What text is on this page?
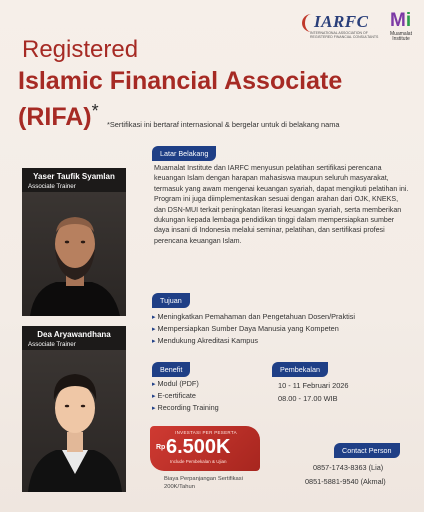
IARFC
INTERNATIONAL ASSOCIATION OF REGISTERED FINANCIAL CONSULTANTS
Mi
Muamalat Institute
Registered
Islamic Financial Associate
(RIFA)*
*Sertifikasi ini bertaraf internasional & bergelar untuk di belakang nama
Yaser Taufik Syamlan
Associate Trainer
Dea Aryawandhana
Associate Trainer
Latar Belakang
Muamalat Institute dan IARFC menyusun pelatihan sertifikasi perencana keuangan Islam dengan harapan mahasiswa maupun seluruh masyarakat, termasuk yang awam mengenai keuangan syariah, dapat mengikuti pelatihan ini. Program ini juga diimplementasikan sesuai dengan arahan dari OJK, KNEKS, dan DSN-MUI terkait peningkatan literasi keuangan syariah, serta memberikan dukungan kepada lembaga pendidikan tinggi dalam mempersiapkan sumber daya insani di Indonesia melalui seminar, pelatihan, dan sertifikasi profesi perencana keuangan Islam.
Tujuan
▸ Meningkatkan Pemahaman dan Pengetahuan Dosen/Praktisi
▸ Mempersiapkan Sumber Daya Manusia yang Kompeten
▸ Mendukung Akreditasi Kampus
Benefit
▸ Modul (PDF)
▸ E-certificate
▸ Recording Training
Pembekalan
10 - 11 Februari 2026
08.00 - 17.00 WIB
INVESTASI PER PESERTA
Rp 6.500K
Include Pembekalan & Ujian
Biaya Perpanjangan Sertifikasi 200K/Tahun
Contact Person
0857-1743-8363 (Lia)
0851-5881-9540 (Akmal)
